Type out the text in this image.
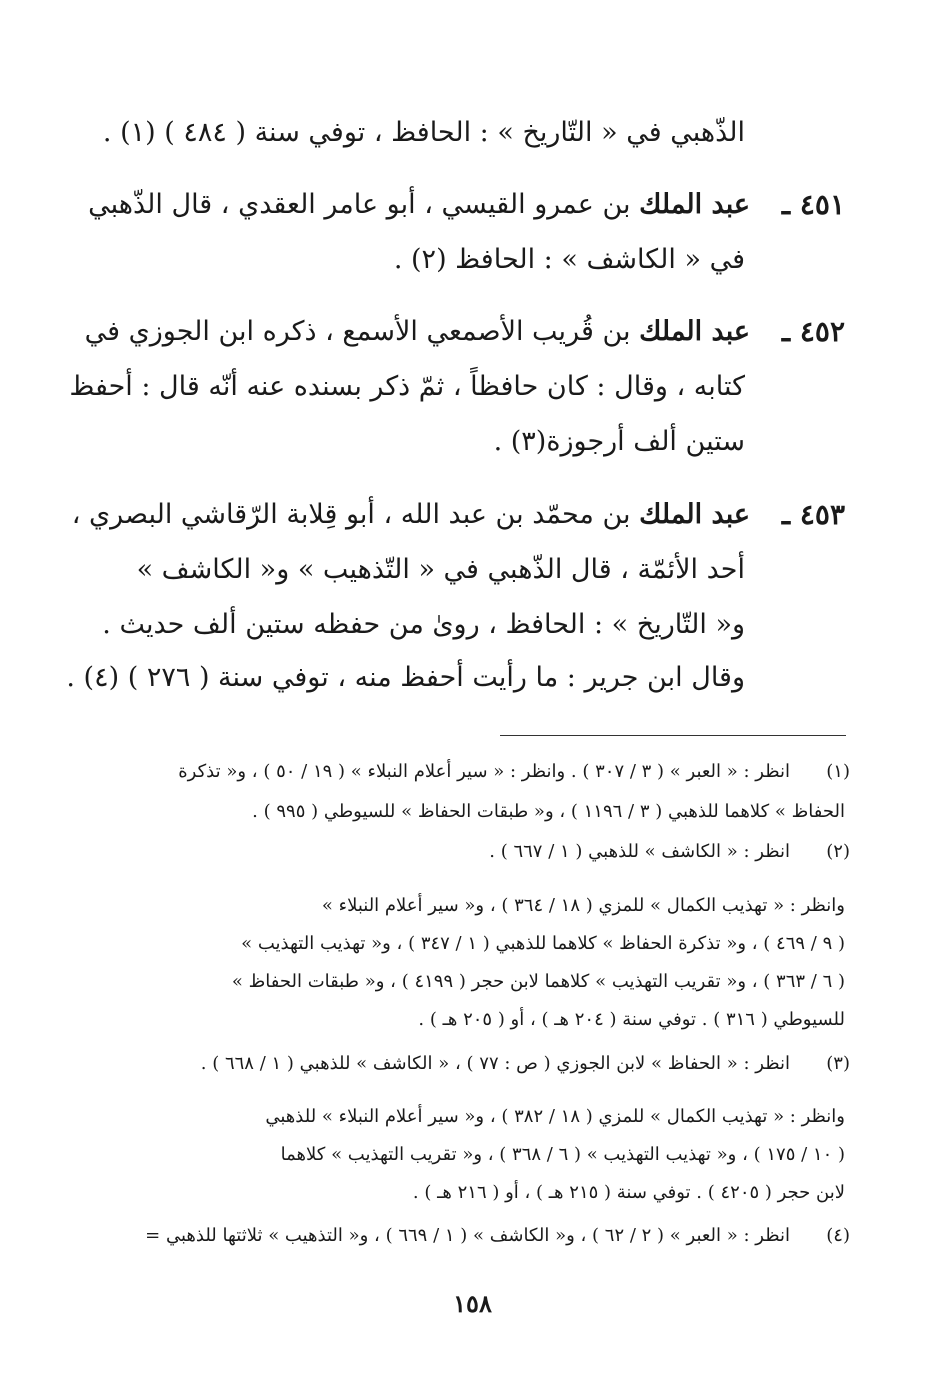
الذّهبي في « التّاريخ » : الحافظ ، توفي سنة ( ٤٨٤ ) (١) .
٤٥١ ـ
عبد الملك بن عمرو القيسي ، أبو عامر العقدي ، قال الذّهبي
في « الكاشف » : الحافظ (٢) .
٤٥٢ ـ
عبد الملك بن قُريب الأصمعي الأسمع ، ذكره ابن الجوزي في
كتابه ، وقال : كان حافظاً ، ثمّ ذكر بسنده عنه أنّه قال : أحفظ
ستين ألف أرجوزة(٣) .
٤٥٣ ـ
عبد الملك بن محمّد بن عبد الله ، أبو قِلابة الرّقاشي البصري ،
أحد الأئمّة ، قال الذّهبي في « التّذهيب » و« الكاشف »
و« التّاريخ » : الحافظ ، روىٰ من حفظه ستين ألف حديث .
وقال ابن جرير : ما رأيت أحفظ منه ، توفي سنة ( ٢٧٦ ) (٤) .
(١)
انظر : « العبر » ( ٣ / ٣٠٧ ) . وانظر : « سير أعلام النبلاء » ( ١٩ / ٥٠ ) ، و« تذكرة
الحفاظ » كلاهما للذهبي ( ٣ / ١١٩٦ ) ، و« طبقات الحفاظ » للسيوطي ( ٩٩٥ ) .
(٢)
انظر : « الكاشف » للذهبي ( ١ / ٦٦٧ ) .
وانظر : « تهذيب الكمال » للمزي ( ١٨ / ٣٦٤ ) ، و« سير أعلام النبلاء »
( ٩ / ٤٦٩ ) ، و« تذكرة الحفاظ » كلاهما للذهبي ( ١ / ٣٤٧ ) ، و« تهذيب التهذيب »
( ٦ / ٣٦٣ ) ، و« تقريب التهذيب » كلاهما لابن حجر ( ٤١٩٩ ) ، و« طبقات الحفاظ »
للسيوطي ( ٣١٦ ) . توفي سنة ( ٢٠٤ هـ ) ، أو ( ٢٠٥ هـ ) .
(٣)
انظر : « الحفاظ » لابن الجوزي ( ص : ٧٧ ) ، « الكاشف » للذهبي ( ١ / ٦٦٨ ) .
وانظر : « تهذيب الكمال » للمزي ( ١٨ / ٣٨٢ ) ، و« سير أعلام النبلاء » للذهبي
( ١٠ / ١٧٥ ) ، و« تهذيب التهذيب » ( ٦ / ٣٦٨ ) ، و« تقريب التهذيب » كلاهما
لابن حجر ( ٤٢٠٥ ) . توفي سنة ( ٢١٥ هـ ) ، أو ( ٢١٦ هـ ) .
(٤)
انظر : « العبر » ( ٢ / ٦٢ ) ، و« الكاشف » ( ١ / ٦٦٩ ) ، و« التذهيب » ثلاثتها للذهبي =
١٥٨
